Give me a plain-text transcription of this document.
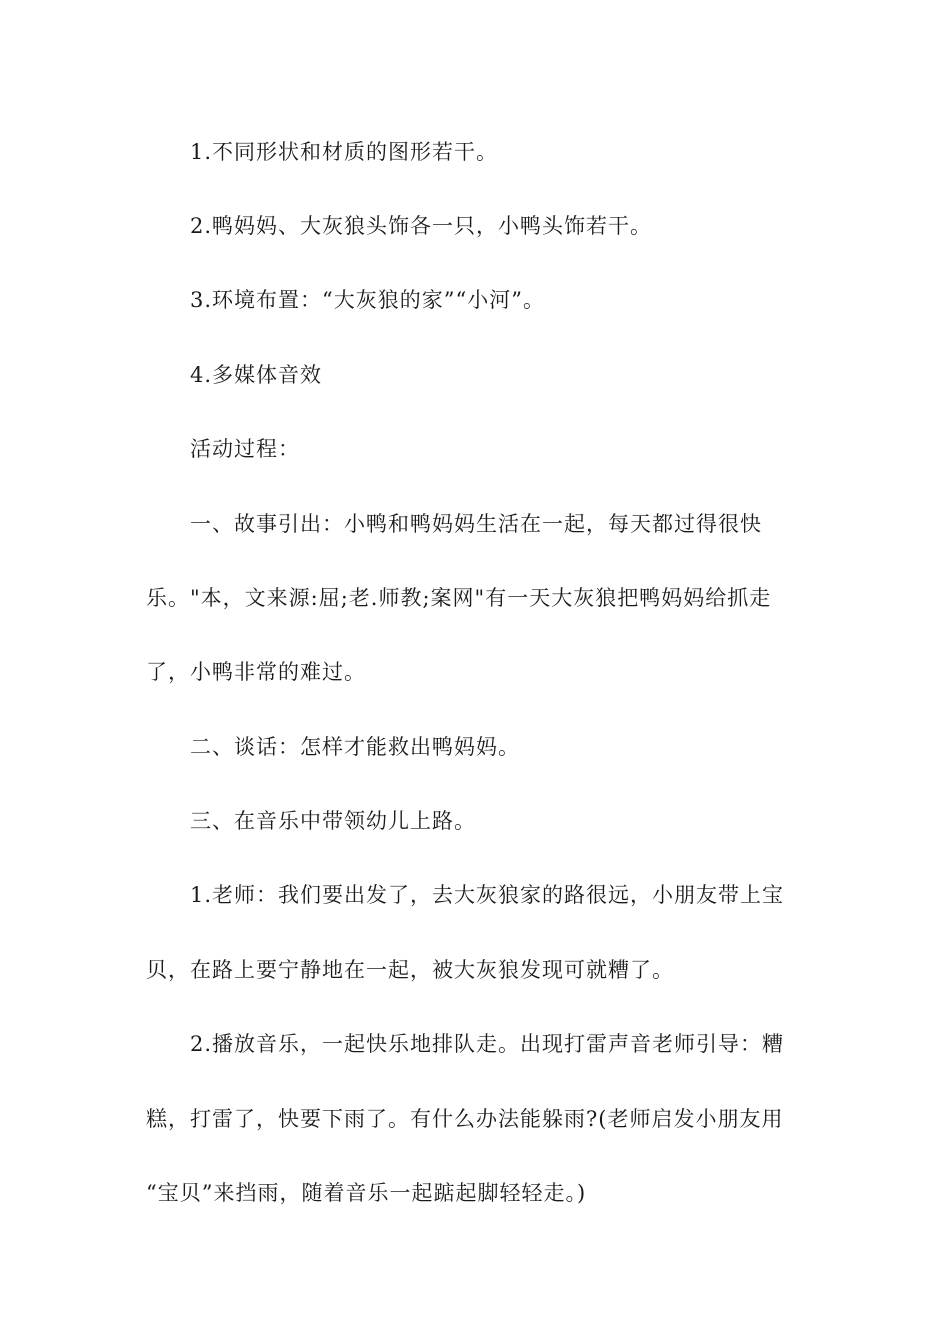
1.不同形状和材质的图形若干。
2.鸭妈妈、大灰狼头饰各一只，小鸭头饰若干。
3.环境布置：“大灰狼的家”“小河”。
4.多媒体音效
活动过程：
一、故事引出：小鸭和鸭妈妈生活在一起，每天都过得很快
乐。"本，文来源:屈;老.师教;案网"有一天大灰狼把鸭妈妈给抓走
了，小鸭非常的难过。
二、谈话：怎样才能救出鸭妈妈。
三、在音乐中带领幼儿上路。
1.老师：我们要出发了，去大灰狼家的路很远，小朋友带上宝
贝，在路上要宁静地在一起，被大灰狼发现可就糟了。
2.播放音乐，一起快乐地排队走。出现打雷声音老师引导：糟
糕，打雷了，快要下雨了。有什么办法能躲雨?(老师启发小朋友用
“宝贝”来挡雨，随着音乐一起踮起脚轻轻走。)
